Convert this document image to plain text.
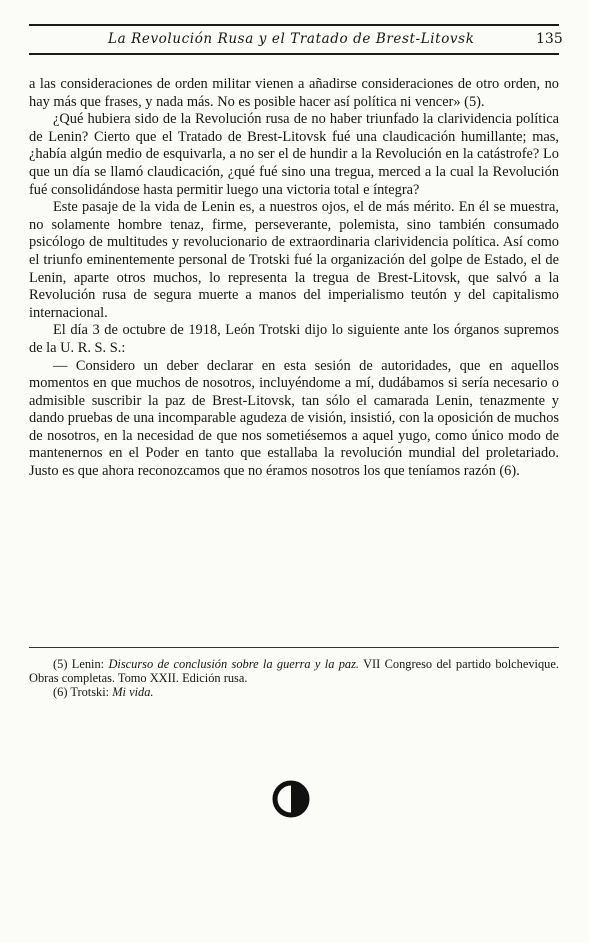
La Revolución Rusa y el Tratado de Brest-Litovsk	135

a las consideraciones de orden militar vienen a añadirse consideraciones de otro orden, no hay más que frases, y nada más. No es posible hacer así política ni vencer» (5).

¿Qué hubiera sido de la Revolución rusa de no haber triunfado la clarividencia política de Lenin? Cierto que el Tratado de Brest-Litovsk fué una claudicación humillante; mas, ¿había algún medio de esquivarla, a no ser el de hundir a la Revolución en la catástrofe? Lo que un día se llamó claudicación, ¿qué fué sino una tregua, merced a la cual la Revolución fué consolidándose hasta permitir luego una victoria total e íntegra?

Este pasaje de la vida de Lenin es, a nuestros ojos, el de más mérito. En él se muestra, no solamente hombre tenaz, firme, perseverante, polemista, sino también consumado psicólogo de multitudes y revolucionario de extraordinaria clarividencia política. Así como el triunfo eminentemente personal de Trotski fué la organización del golpe de Estado, el de Lenin, aparte otros muchos, lo representa la tregua de Brest-Litovsk, que salvó a la Revolución rusa de segura muerte a manos del imperialismo teutón y del capitalismo internacional.

El día 3 de octubre de 1918, León Trotski dijo lo siguiente ante los órganos supremos de la U. R. S. S.:

— Considero un deber declarar en esta sesión de autoridades, que en aquellos momentos en que muchos de nosotros, incluyéndome a mí, dudábamos si sería necesario o admisible suscribir la paz de Brest-Litovsk, tan sólo el camarada Lenin, tenazmente y dando pruebas de una incomparable agudeza de visión, insistió, con la oposición de muchos de nosotros, en la necesidad de que nos sometiésemos a aquel yugo, como único modo de mantenernos en el Poder en tanto que estallaba la revolución mundial del proletariado. Justo es que ahora reconozcamos que no éramos nosotros los que teníamos razón (6).

(5) Lenin: Discurso de conclusión sobre la guerra y la paz. VII Congreso del partido bolchevique. Obras completas. Tomo XXII. Edición rusa.

(6) Trotski: Mi vida.
